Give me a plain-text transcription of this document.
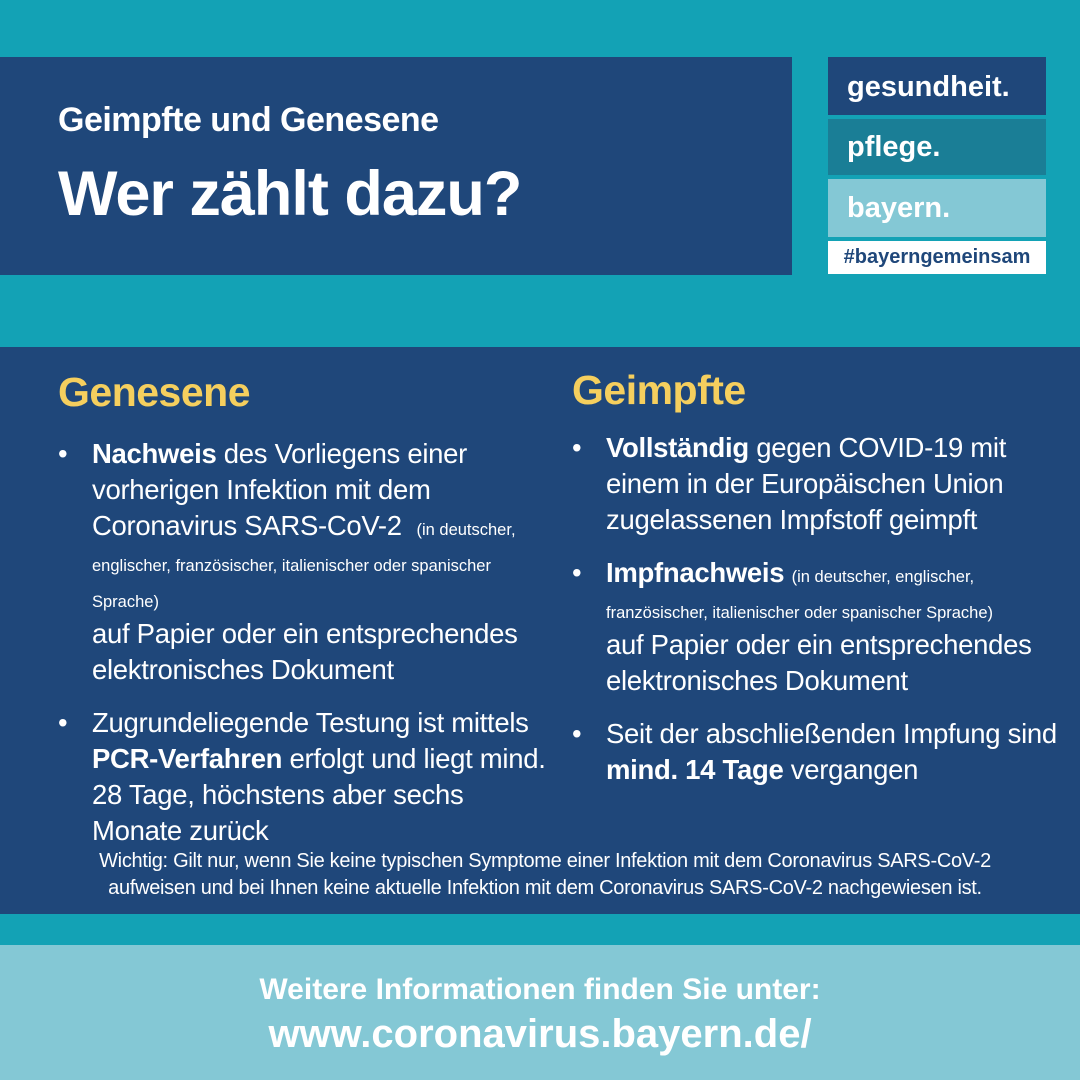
Geimpfte und Genesene
Wer zählt dazu?
gesundheit.
pflege.
bayern.
#bayerngemeinsam
Genesene
• Nachweis des Vorliegens einer vorherigen Infektion mit dem Coronavirus SARS-CoV-2 (in deutscher, englischer, französischer, italienischer oder spanischer Sprache)
auf Papier oder ein entsprechendes elektronisches Dokument
• Zugrundeliegende Testung ist mittels PCR-Verfahren erfolgt und liegt mind. 28 Tage, höchstens aber sechs Monate zurück
Geimpfte
• Vollständig gegen COVID-19 mit einem in der Europäischen Union zugelassenen Impfstoff geimpft
• Impfnachweis (in deutscher, englischer, französischer, italienischer oder spanischer Sprache)
auf Papier oder ein entsprechendes elektronisches Dokument
• Seit der abschließenden Impfung sind mind. 14 Tage vergangen
Wichtig: Gilt nur, wenn Sie keine typischen Symptome einer Infektion mit dem Coronavirus SARS-CoV-2
aufweisen und bei Ihnen keine aktuelle Infektion mit dem Coronavirus SARS-CoV-2 nachgewiesen ist.
Weitere Informationen finden Sie unter:
www.coronavirus.bayern.de/
